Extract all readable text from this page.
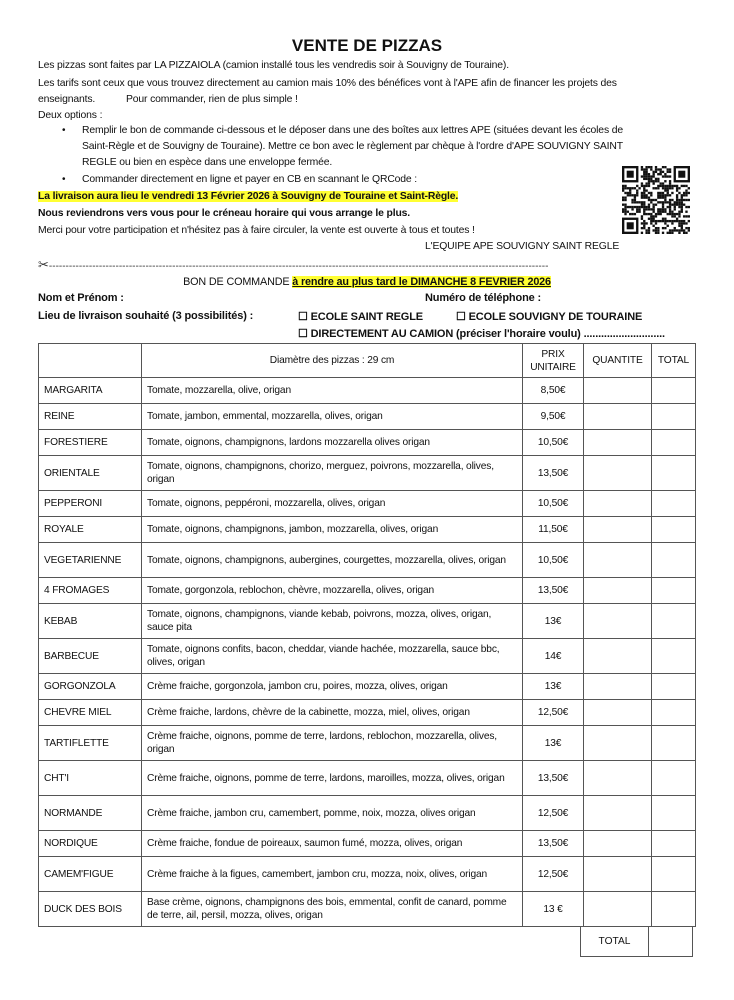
VENTE DE PIZZAS
Les pizzas sont faites par LA PIZZAIOLA (camion installé tous les vendredis soir à Souvigny de Touraine).
Les tarifs sont ceux que vous trouvez directement au camion mais 10% des bénéfices vont à l'APE afin de financer les projets des
enseignants.	Pour commander, rien de plus simple !
Deux options :
• Remplir le bon de commande ci-dessous et le déposer dans une des boîtes aux lettres APE (situées devant les écoles de
Saint-Règle et de Souvigny de Touraine). Mettre ce bon avec le règlement par chèque à l'ordre d'APE SOUVIGNY SAINT
REGLE ou bien en espèce dans une enveloppe fermée.
• Commander directement en ligne et payer en CB en scannant le QRCode :
La livraison aura lieu le vendredi 13 Février 2026 à Souvigny de Touraine et Saint-Règle.
Nous reviendrons vers vous pour le créneau horaire qui vous arrange le plus.
Merci pour votre participation et n'hésitez pas à faire circuler, la vente est ouverte à tous et toutes !
L'EQUIPE APE SOUVIGNY SAINT REGLE
✂------------------------------------------------------------------------------------------------------------------------------------------------------
BON DE COMMANDE à rendre au plus tard le DIMANCHE 8 FEVRIER 2026
Nom et Prénom :	Numéro de téléphone :
Lieu de livraison souhaité (3 possibilités) :	☐ ECOLE SAINT REGLE	☐ ECOLE SOUVIGNY DE TOURAINE
☐ DIRECTEMENT AU CAMION (préciser l'horaire voulu) ............................
	Diamètre des pizzas : 29 cm	PRIX UNITAIRE	QUANTITE	TOTAL
MARGARITA	Tomate, mozzarella, olive, origan	8,50€		
REINE	Tomate, jambon, emmental, mozzarella, olives, origan	9,50€		
FORESTIERE	Tomate, oignons, champignons, lardons mozzarella olives origan	10,50€		
ORIENTALE	Tomate, oignons, champignons, chorizo, merguez, poivrons, mozzarella, olives, origan	13,50€		
PEPPERONI	Tomate, oignons, peppéroni, mozzarella, olives, origan	10,50€		
ROYALE	Tomate, oignons, champignons, jambon, mozzarella, olives, origan	11,50€		
VEGETARIENNE	Tomate, oignons, champignons, aubergines, courgettes, mozzarella, olives, origan	10,50€		
4 FROMAGES	Tomate, gorgonzola, reblochon, chèvre, mozzarella, olives, origan	13,50€		
KEBAB	Tomate, oignons, champignons, viande kebab, poivrons, mozza, olives, origan, sauce pita	13€		
BARBECUE	Tomate, oignons confits, bacon, cheddar, viande hachée, mozzarella, sauce bbc, olives, origan	14€		
GORGONZOLA	Crème fraiche, gorgonzola, jambon cru, poires, mozza, olives, origan	13€		
CHEVRE MIEL	Crème fraiche, lardons, chèvre de la cabinette, mozza, miel, olives, origan	12,50€		
TARTIFLETTE	Crème fraiche, oignons, pomme de terre, lardons, reblochon, mozzarella, olives, origan	13€		
CHT'I	Crème fraiche, oignons, pomme de terre, lardons, maroilles, mozza, olives, origan	13,50€		
NORMANDE	Crème fraiche, jambon cru, camembert, pomme, noix, mozza, olives origan	12,50€		
NORDIQUE	Crème fraiche, fondue de poireaux, saumon fumé, mozza, olives, origan	13,50€		
CAMEM'FIGUE	Crème fraiche à la figues, camembert, jambon cru, mozza, noix, olives, origan	12,50€		
DUCK DES BOIS	Base crème, oignons, champignons des bois, emmental, confit de canard, pomme de terre, ail, persil, mozza, olives, origan	13 €		
TOTAL
